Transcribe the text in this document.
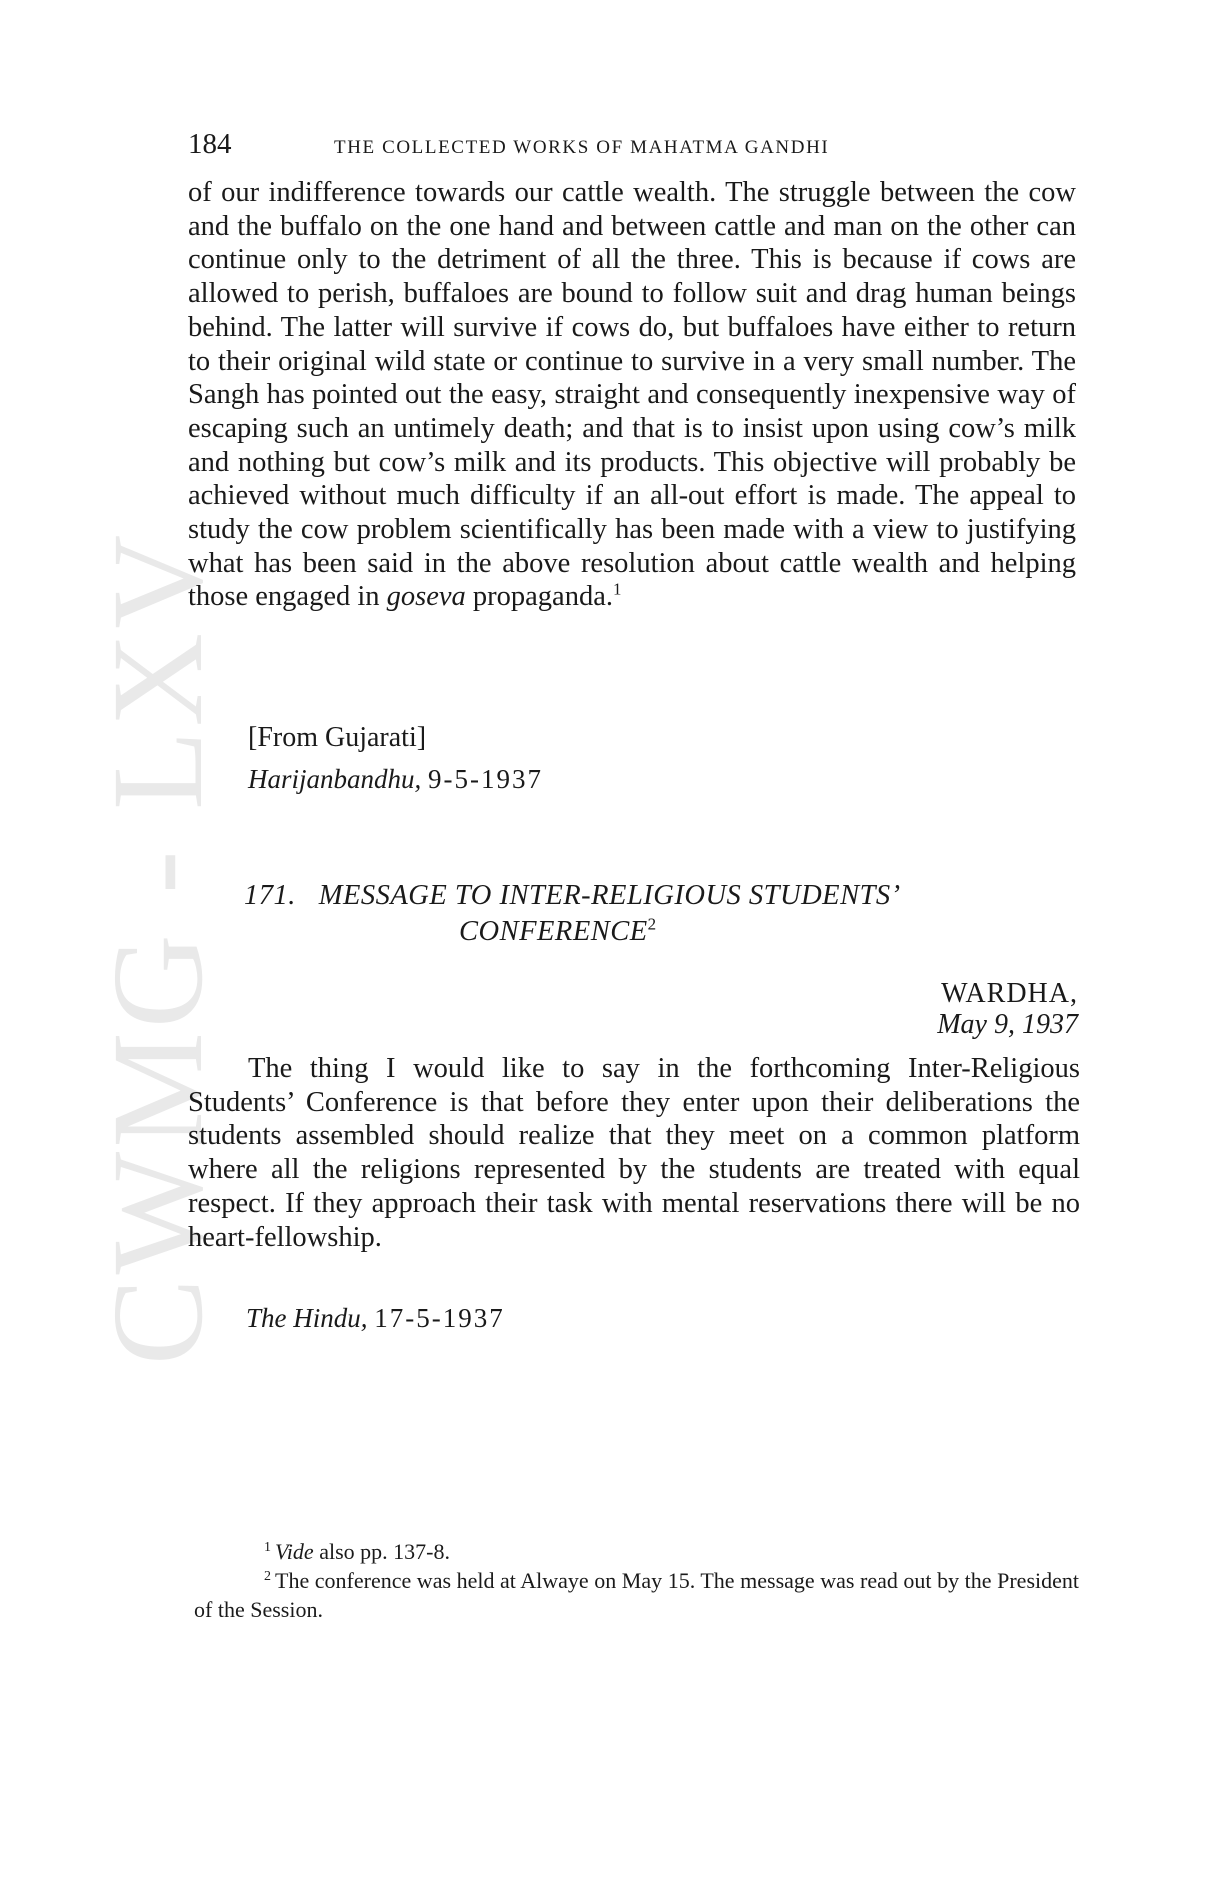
CWMG - LXV
184	THE COLLECTED WORKS OF MAHATMA GANDHI

of our indifference towards our cattle wealth. The struggle between the cow and the buffalo on the one hand and between cattle and man on the other can continue only to the detriment of all the three. This is because if cows are allowed to perish, buffaloes are bound to follow suit and drag human beings behind. The latter will survive if cows do, but buffaloes have either to return to their original wild state or continue to survive in a very small number. The Sangh has pointed out the easy, straight and consequently inexpensive way of escaping such an untimely death; and that is to insist upon using cow’s milk and nothing but cow’s milk and its products. This objective will probably be achieved without much difficulty if an all-out effort is made. The appeal to study the cow problem scientifically has been made with a view to justifying what has been said in the above resolution about cattle wealth and helping those engaged in goseva propaganda.$^1$

[From Gujarati]
Harijanbandhu, 9-5-1937
171. MESSAGE TO INTER-RELIGIOUS STUDENTS’
CONFERENCE$^2$
WARDHA,
May 9, 1937

The thing I would like to say in the forthcoming Inter-Religious Students’ Conference is that before they enter upon their deliberations the students assembled should realize that they meet on a common platform where all the religions represented by the students are treated with equal respect. If they approach their task with mental reservations there will be no heart-fellowship.

The Hindu, 17-5-1937

$^1$ Vide also pp. 137-8.

$^2$ The conference was held at Alwaye on May 15. The message was read out by the President of the Session.
